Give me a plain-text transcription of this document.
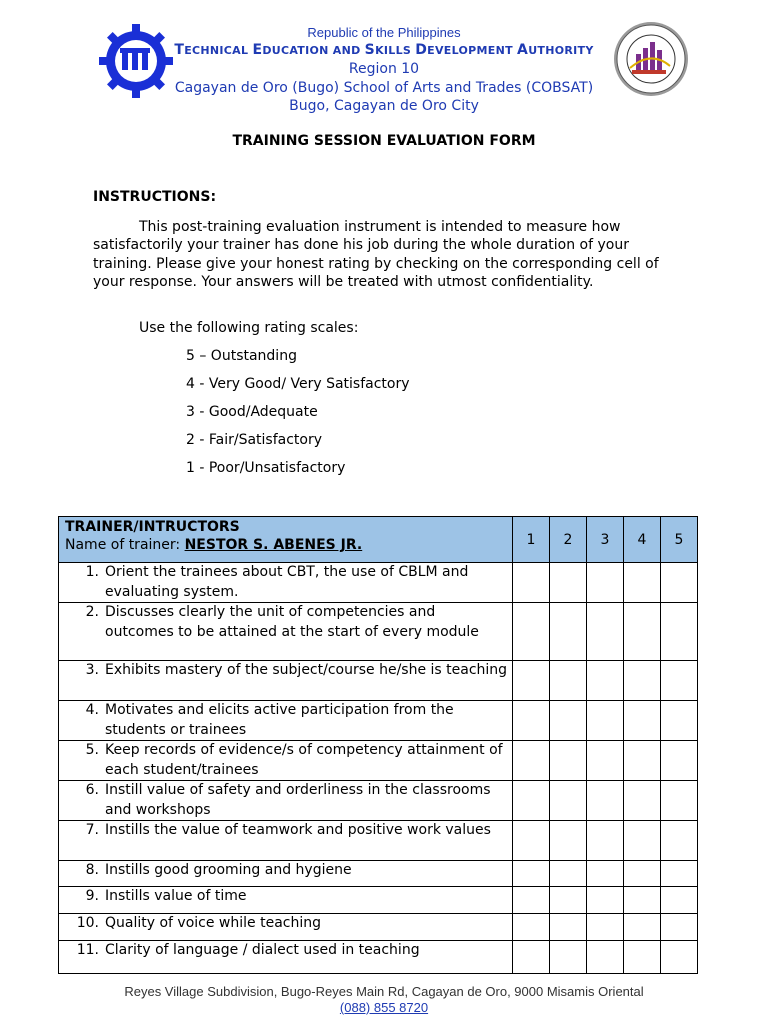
Republic of the Philippines
TECHNICAL EDUCATION AND SKILLS DEVELOPMENT AUTHORITY
Region 10
Cagayan de Oro (Bugo) School of Arts and Trades (COBSAT)
Bugo, Cagayan de Oro City
TRAINING SESSION EVALUATION FORM
INSTRUCTIONS:
This post-training evaluation instrument is intended to measure how satisfactorily your trainer has done his job during the whole duration of your training. Please give your honest rating by checking on the corresponding cell of your response. Your answers will be treated with utmost confidentiality.
Use the following rating scales:
5 – Outstanding
4 - Very Good/ Very Satisfactory
3 - Good/Adequate
2 - Fair/Satisfactory
1 - Poor/Unsatisfactory
TRAINER/INTRUCTORS
Name of trainer: NESTOR S. ABENES JR.	1	2	3	4	5

1. Orient the trainees about CBT, the use of CBLM and evaluating system.					

2. Discusses clearly the unit of competencies and outcomes to be attained at the start of every module					

3. Exhibits mastery of the subject/course he/she is teaching					

4. Motivates and elicits active participation from the students or trainees					

5. Keep records of evidence/s of competency attainment of each student/trainees					

6. Instill value of safety and orderliness in the classrooms and workshops					

7. Instills the value of teamwork and positive work values					

8. Instills good grooming and hygiene					

9. Instills value of time					

10. Quality of voice while teaching					

11. Clarity of language / dialect used in teaching					

Reyes Village Subdivision, Bugo-Reyes Main Rd, Cagayan de Oro, 9000 Misamis Oriental
(088) 855 8720
